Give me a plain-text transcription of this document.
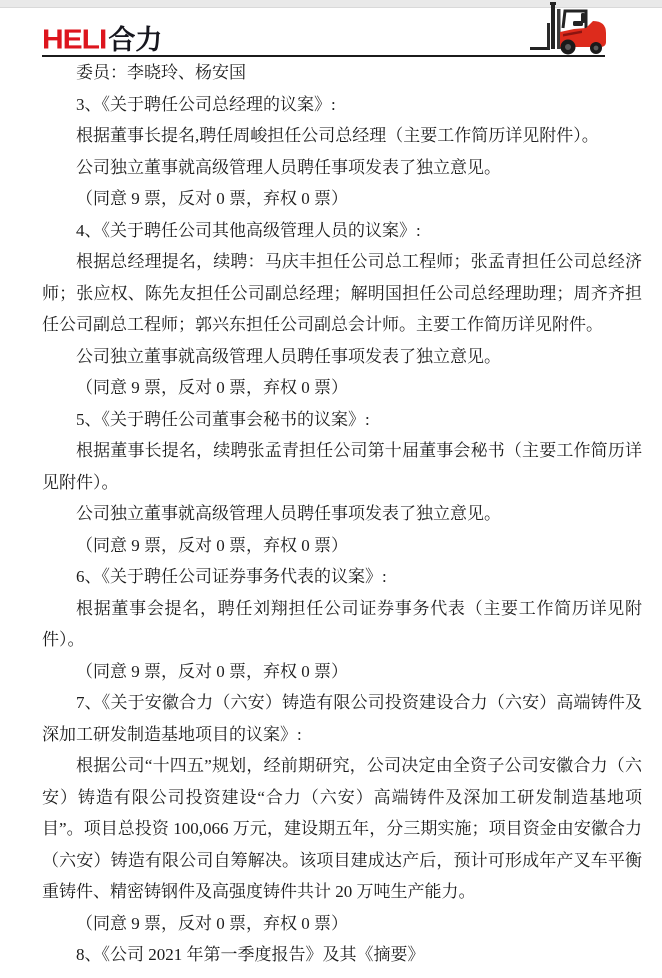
HELI合力

委员：李晓玲、杨安国

3、《关于聘任公司总经理的议案》:

根据董事长提名,聘任周峻担任公司总经理（主要工作简历详见附件）。

公司独立董事就高级管理人员聘任事项发表了独立意见。

（同意 9 票，反对 0 票，弃权 0 票）

4、《关于聘任公司其他高级管理人员的议案》:

根据总经理提名，续聘：马庆丰担任公司总工程师；张孟青担任公司总经济师；张应权、陈先友担任公司副总经理；解明国担任公司总经理助理；周齐齐担任公司副总工程师；郭兴东担任公司副总会计师。主要工作简历详见附件。

公司独立董事就高级管理人员聘任事项发表了独立意见。

（同意 9 票，反对 0 票，弃权 0 票）

5、《关于聘任公司董事会秘书的议案》:

根据董事长提名，续聘张孟青担任公司第十届董事会秘书（主要工作简历详见附件）。

公司独立董事就高级管理人员聘任事项发表了独立意见。

（同意 9 票，反对 0 票，弃权 0 票）

6、《关于聘任公司证券事务代表的议案》:

根据董事会提名，聘任刘翔担任公司证券事务代表（主要工作简历详见附件）。

（同意 9 票，反对 0 票，弃权 0 票）

7、《关于安徽合力（六安）铸造有限公司投资建设合力（六安）高端铸件及深加工研发制造基地项目的议案》:

根据公司“十四五”规划，经前期研究，公司决定由全资子公司安徽合力（六安）铸造有限公司投资建设“合力（六安）高端铸件及深加工研发制造基地项目”。项目总投资 100,066 万元，建设期五年，分三期实施；项目资金由安徽合力（六安）铸造有限公司自筹解决。该项目建成达产后，预计可形成年产叉车平衡重铸件、精密铸钢件及高强度铸件共计 20 万吨生产能力。

（同意 9 票，反对 0 票，弃权 0 票）

8、《公司 2021 年第一季度报告》及其《摘要》
